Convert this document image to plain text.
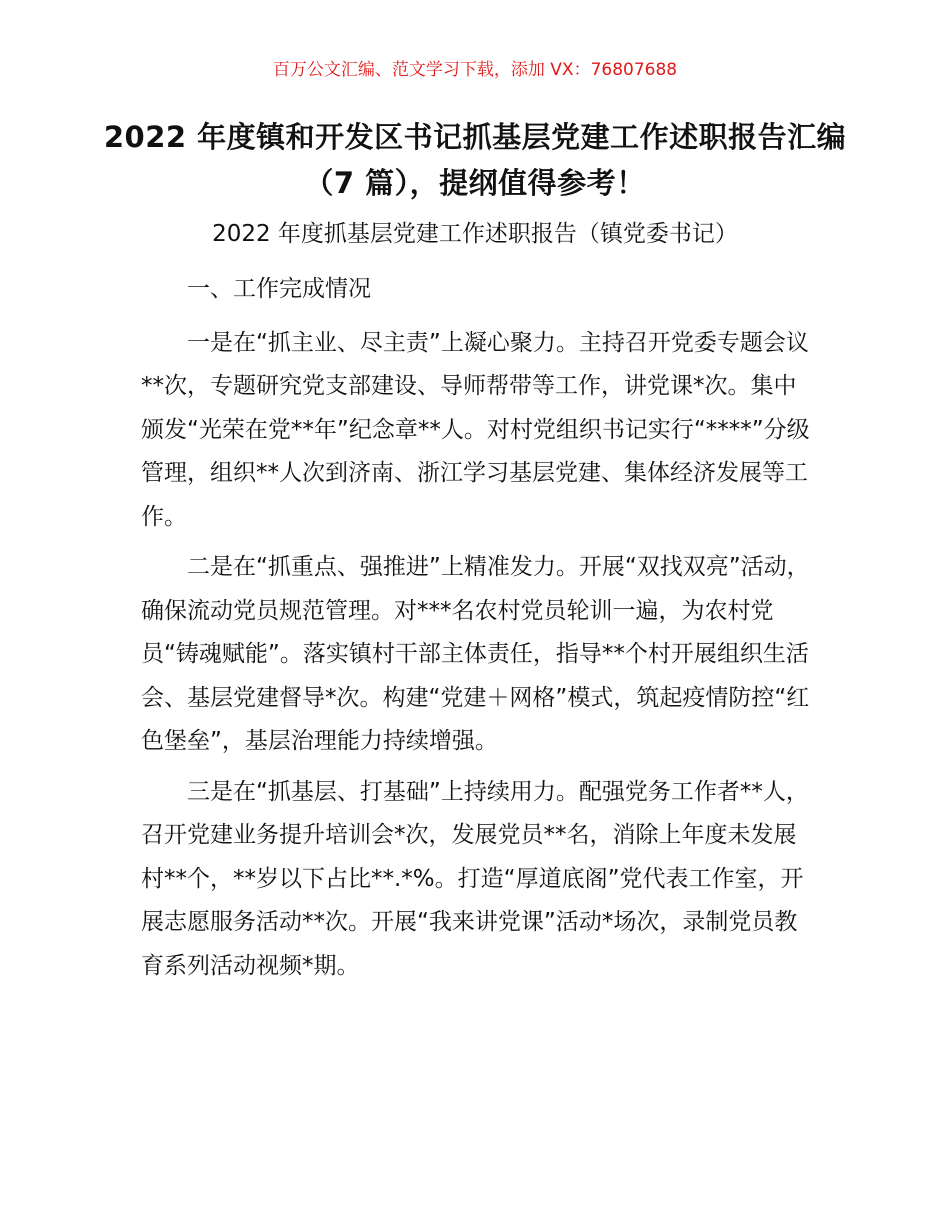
百万公文汇编、范文学习下载，添加 VX：76807688
2022 年度镇和开发区书记抓基层党建工作述职报告汇编（7 篇），提纲值得参考！
2022 年度抓基层党建工作述职报告（镇党委书记）

一、工作完成情况

一是在“抓主业、尽主责”上凝心聚力。主持召开党委专题会议**次，专题研究党支部建设、导师帮带等工作，讲党课*次。集中颁发“光荣在党**年”纪念章**人。对村党组织书记实行“****”分级管理，组织**人次到济南、浙江学习基层党建、集体经济发展等工作。

二是在“抓重点、强推进”上精准发力。开展“双找双亮”活动，确保流动党员规范管理。对***名农村党员轮训一遍，为农村党员“铸魂赋能”。落实镇村干部主体责任，指导**个村开展组织生活会、基层党建督导*次。构建“党建＋网格”模式，筑起疫情防控“红色堡垒”，基层治理能力持续增强。

三是在“抓基层、打基础”上持续用力。配强党务工作者**人，召开党建业务提升培训会*次，发展党员**名，消除上年度未发展村**个，**岁以下占比**.*%。打造“厚道底阁”党代表工作室，开展志愿服务活动**次。开展“我来讲党课”活动*场次，录制党员教育系列活动视频*期。
